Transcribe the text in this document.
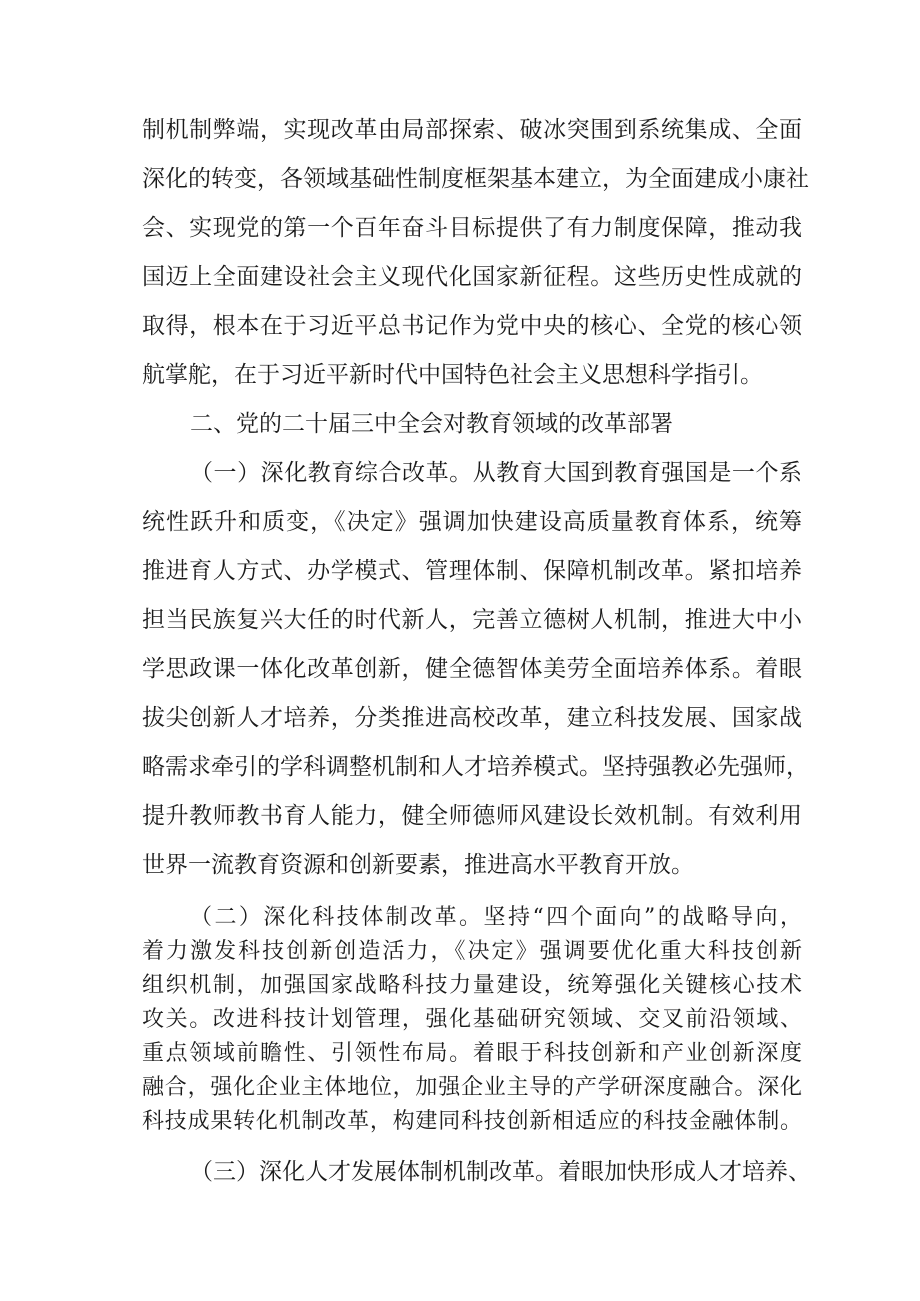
制机制弊端，实现改革由局部探索、破冰突围到系统集成、全面
深化的转变，各领域基础性制度框架基本建立，为全面建成小康社
会、实现党的第一个百年奋斗目标提供了有力制度保障，推动我
国迈上全面建设社会主义现代化国家新征程。这些历史性成就的
取得，根本在于习近平总书记作为党中央的核心、全党的核心领
航掌舵，在于习近平新时代中国特色社会主义思想科学指引。
二、党的二十届三中全会对教育领域的改革部署
（一）深化教育综合改革。从教育大国到教育强国是一个系
统性跃升和质变，《决定》强调加快建设高质量教育体系，统筹
推进育人方式、办学模式、管理体制、保障机制改革。紧扣培养
担当民族复兴大任的时代新人，完善立德树人机制，推进大中小
学思政课一体化改革创新，健全德智体美劳全面培养体系。着眼
拔尖创新人才培养，分类推进高校改革，建立科技发展、国家战
略需求牵引的学科调整机制和人才培养模式。坚持强教必先强师，
提升教师教书育人能力，健全师德师风建设长效机制。有效利用
世界一流教育资源和创新要素，推进高水平教育开放。
（二）深化科技体制改革。坚持“四个面向”的战略导向，
着力激发科技创新创造活力，《决定》强调要优化重大科技创新
组织机制，加强国家战略科技力量建设，统筹强化关键核心技术
攻关。改进科技计划管理，强化基础研究领域、交叉前沿领域、
重点领域前瞻性、引领性布局。着眼于科技创新和产业创新深度
融合，强化企业主体地位，加强企业主导的产学研深度融合。深化
科技成果转化机制改革，构建同科技创新相适应的科技金融体制。
（三）深化人才发展体制机制改革。着眼加快形成人才培养、
